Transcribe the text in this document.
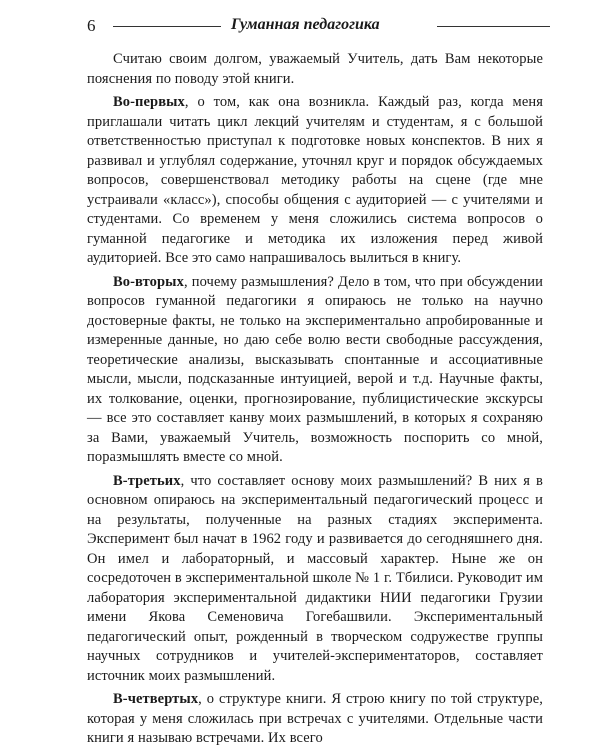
6	Гуманная педагогика

Считаю своим долгом, уважаемый Учитель, дать Вам некоторые пояснения по поводу этой книги.

Во-первых, о том, как она возникла. Каждый раз, когда меня приглашали читать цикл лекций учителям и студентам, я с большой ответственностью приступал к подготовке новых конспектов. В них я развивал и углублял содержание, уточнял круг и порядок обсуждаемых вопросов, совершенствовал методику работы на сцене (где мне устраивали «класс»), способы общения с аудиторией — с учителями и студентами. Со временем у меня сложились система вопросов о гуманной педагогике и методика их изложения перед живой аудиторией. Все это само напрашивалось вылиться в книгу.

Во-вторых, почему размышления? Дело в том, что при обсуждении вопросов гуманной педагогики я опираюсь не только на научно достоверные факты, не только на экспериментально апробированные и измеренные данные, но даю себе волю вести свободные рассуждения, теоретические анализы, высказывать спонтанные и ассоциативные мысли, мысли, подсказанные интуицией, верой и т.д. Научные факты, их толкование, оценки, прогнозирование, публицистические экскурсы — все это составляет канву моих размышлений, в которых я сохраняю за Вами, уважаемый Учитель, возможность поспорить со мной, поразмышлять вместе со мной.

В-третьих, что составляет основу моих размышлений? В них я в основном опираюсь на экспериментальный педагогический процесс и на результаты, полученные на разных стадиях эксперимента. Эксперимент был начат в 1962 году и развивается до сегодняшнего дня. Он имел и лабораторный, и массовый характер. Ныне же он сосредоточен в экспериментальной школе № 1 г. Тбилиси. Руководит им лаборатория экспериментальной дидактики НИИ педагогики Грузии имени Якова Семеновича Гогебашвили. Экспериментальный педагогический опыт, рожденный в творческом содружестве группы научных сотрудников и учителей-экспериментаторов, составляет источник моих размышлений.

В-четвертых, о структуре книги. Я строю книгу по той структуре, которая у меня сложилась при встречах с учителями. Отдельные части книги я называю встречами. Их всего
